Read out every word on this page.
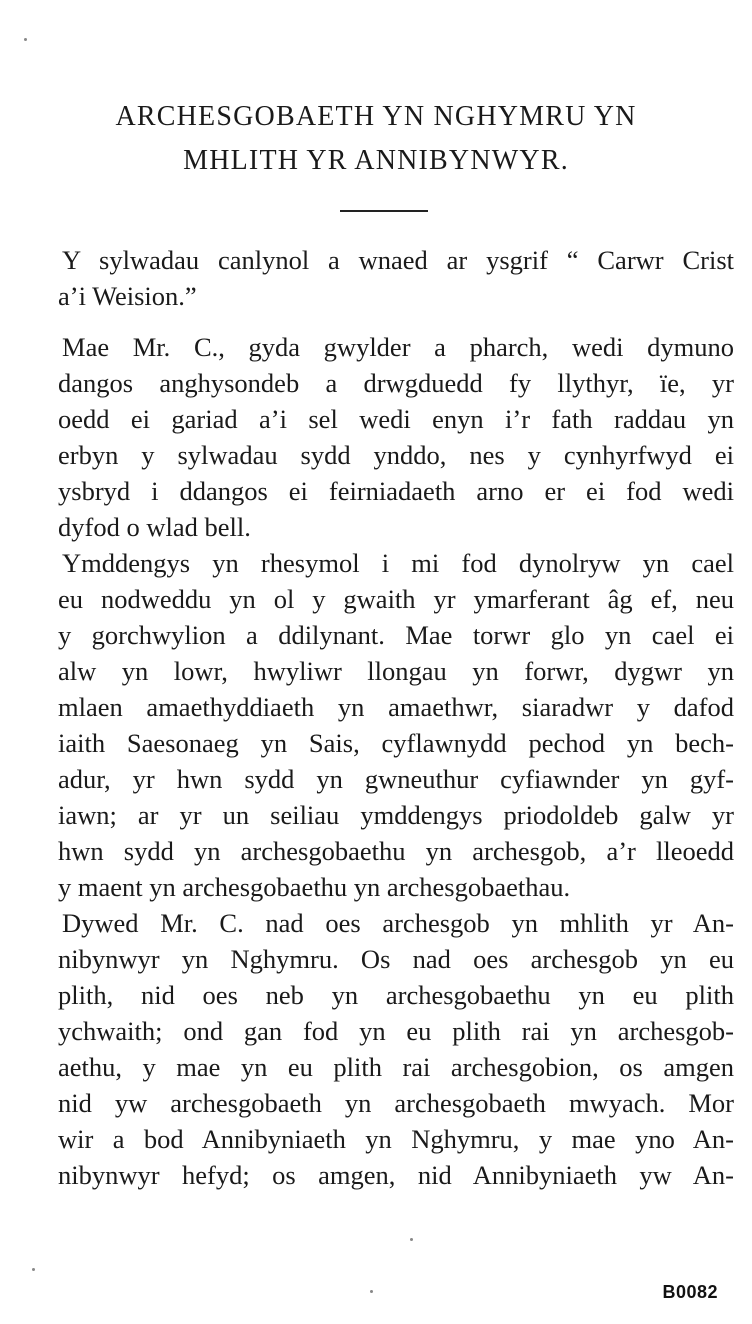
ARCHESGOBAETH YN NGHYMRU YN
MHLITH YR ANNIBYNWYR.

Y sylwadau canlynol a wnaed ar ysgrif “ Carwr Crist

a’i Weision.”

Mae Mr. C., gyda gwylder a pharch, wedi dymuno

dangos anghysondeb a drwgduedd fy llythyr, ïe, yr

oedd ei gariad a’i sel wedi enyn i’r fath raddau yn

erbyn y sylwadau sydd ynddo, nes y cynhyrfwyd ei

ysbryd i ddangos ei feirniadaeth arno er ei fod wedi

dyfod o wlad bell.

Ymddengys yn rhesymol i mi fod dynolryw yn cael

eu nodweddu yn ol y gwaith yr ymarferant âg ef, neu

y gorchwylion a ddilynant. Mae torwr glo yn cael ei

alw yn lowr, hwyliwr llongau yn forwr, dygwr yn

mlaen amaethyddiaeth yn amaethwr, siaradwr y dafod

iaith Saesonaeg yn Sais, cyflawnydd pechod yn bech-

adur, yr hwn sydd yn gwneuthur cyfiawnder yn gyf-

iawn; ar yr un seiliau ymddengys priodoldeb galw yr

hwn sydd yn archesgobaethu yn archesgob, a’r lleoedd

y maent yn archesgobaethu yn archesgobaethau.

Dywed Mr. C. nad oes archesgob yn mhlith yr An-

nibynwyr yn Nghymru. Os nad oes archesgob yn eu

plith, nid oes neb yn archesgobaethu yn eu plith

ychwaith; ond gan fod yn eu plith rai yn archesgob-

aethu, y mae yn eu plith rai archesgobion, os amgen

nid yw archesgobaeth yn archesgobaeth mwyach. Mor

wir a bod Annibyniaeth yn Nghymru, y mae yno An-

nibynwyr hefyd; os amgen, nid Annibyniaeth yw An-

B0082
